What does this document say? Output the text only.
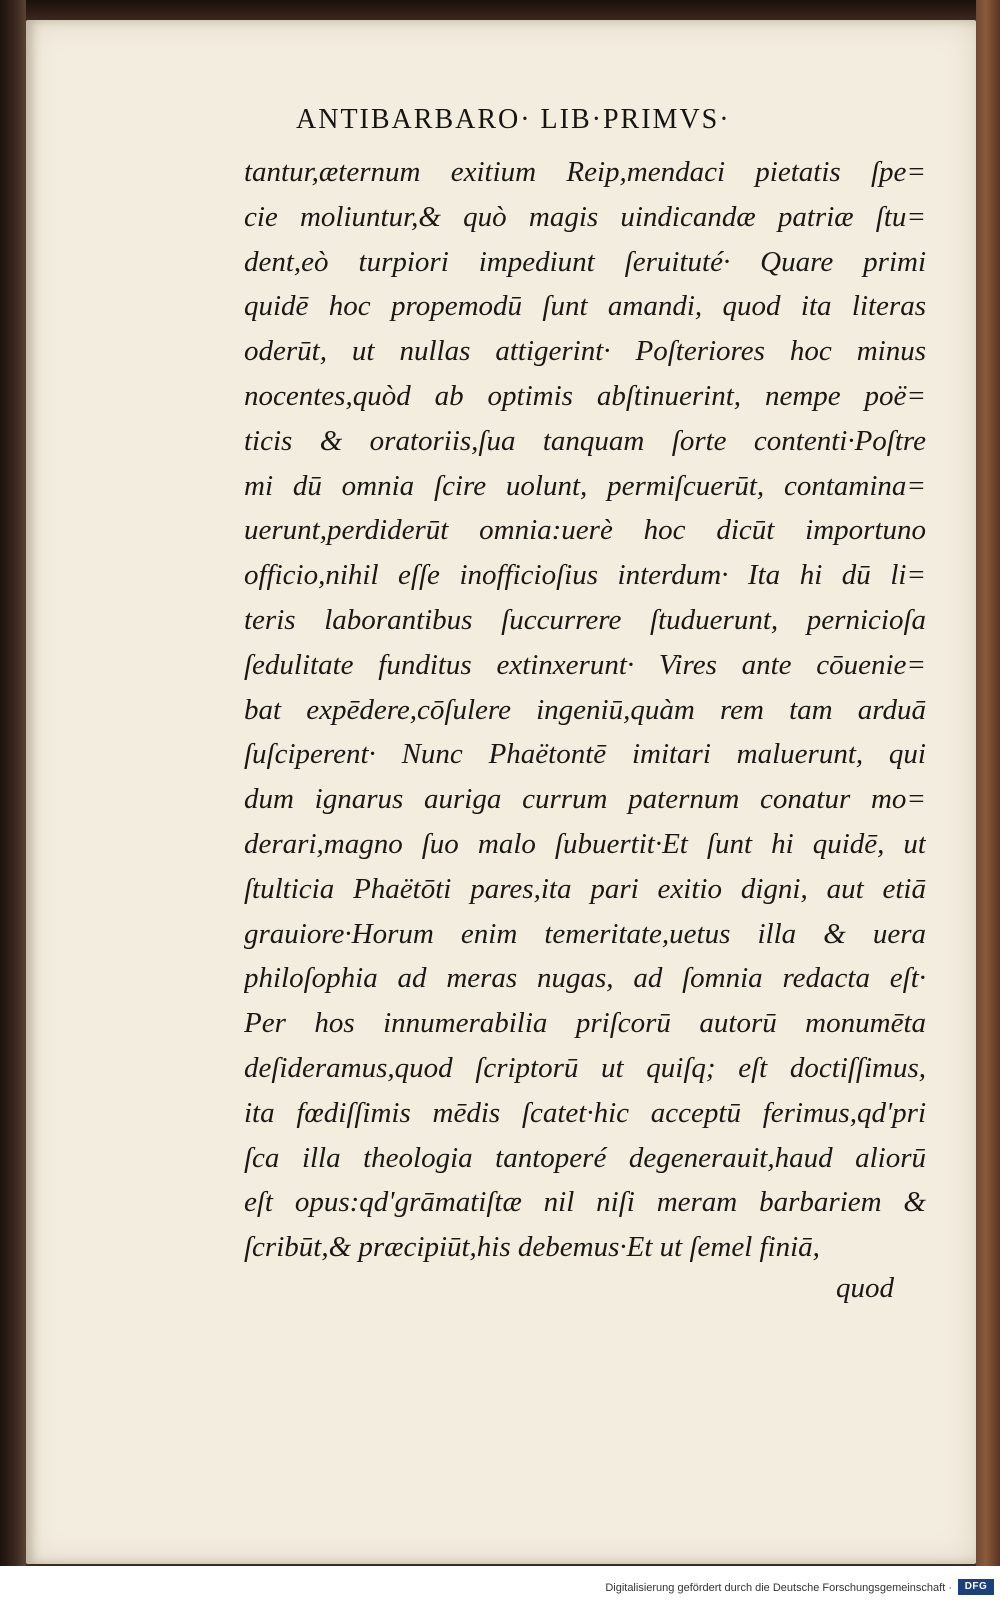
ANTIBARBARO· LIB·PRIMVS·
tantur,æternum exitium Reip,mendaci pietatis ſpe=
cie moliuntur,& quò magis uindicandæ patriæ ſtu=
dent,eò turpiori impediunt ſeruituté· Quare primi
quidē hoc propemodū ſunt amandi, quod ita literas
oderūt, ut nullas attigerint· Poſteriores hoc minus
nocentes,quòd ab optimis abſtinuerint, nempe poë=
ticis & oratoriis,ſua tanquam ſorte contenti·Poſtre
mi dū omnia ſcire uolunt, permiſcuerūt, contamina=
uerunt,perdiderūt omnia:uerè hoc dicūt importuno
officio,nihil eſſe inofficioſius interdum· Ita hi dū li=
teris laborantibus ſuccurrere ſtuduerunt, pernicioſa
ſedulitate funditus extinxerunt· Vires ante cōuenie=
bat expēdere,cōſulere ingeniū,quàm rem tam arduā
ſuſciperent· Nunc Phaëtontē imitari maluerunt, qui
dum ignarus auriga currum paternum conatur mo=
derari,magno ſuo malo ſubuertit·Et ſunt hi quidē, ut
ſtulticia Phaëtōti pares,ita pari exitio digni, aut etiā
grauiore·Horum enim temeritate,uetus illa & uera
philoſophia ad meras nugas, ad ſomnia redacta eſt·
Per hos innumerabilia priſcorū autorū monumēta
deſideramus,quod ſcriptorū ut quiſq; eſt doctiſſimus,
ita fœdiſſimis mēdis ſcatet·hic acceptū ferimus,qd'pri
ſca illa theologia tantoperé degenerauit,haud aliorū
eſt opus:qd'grāmatiſtæ nil niſi meram barbariem &
ſcribūt,& præcipiūt,his debemus·Et ut ſemel finiā,
quod
Digitalisierung gefördert durch die Deutsche Forschungsgemeinschaft ·	DFG
